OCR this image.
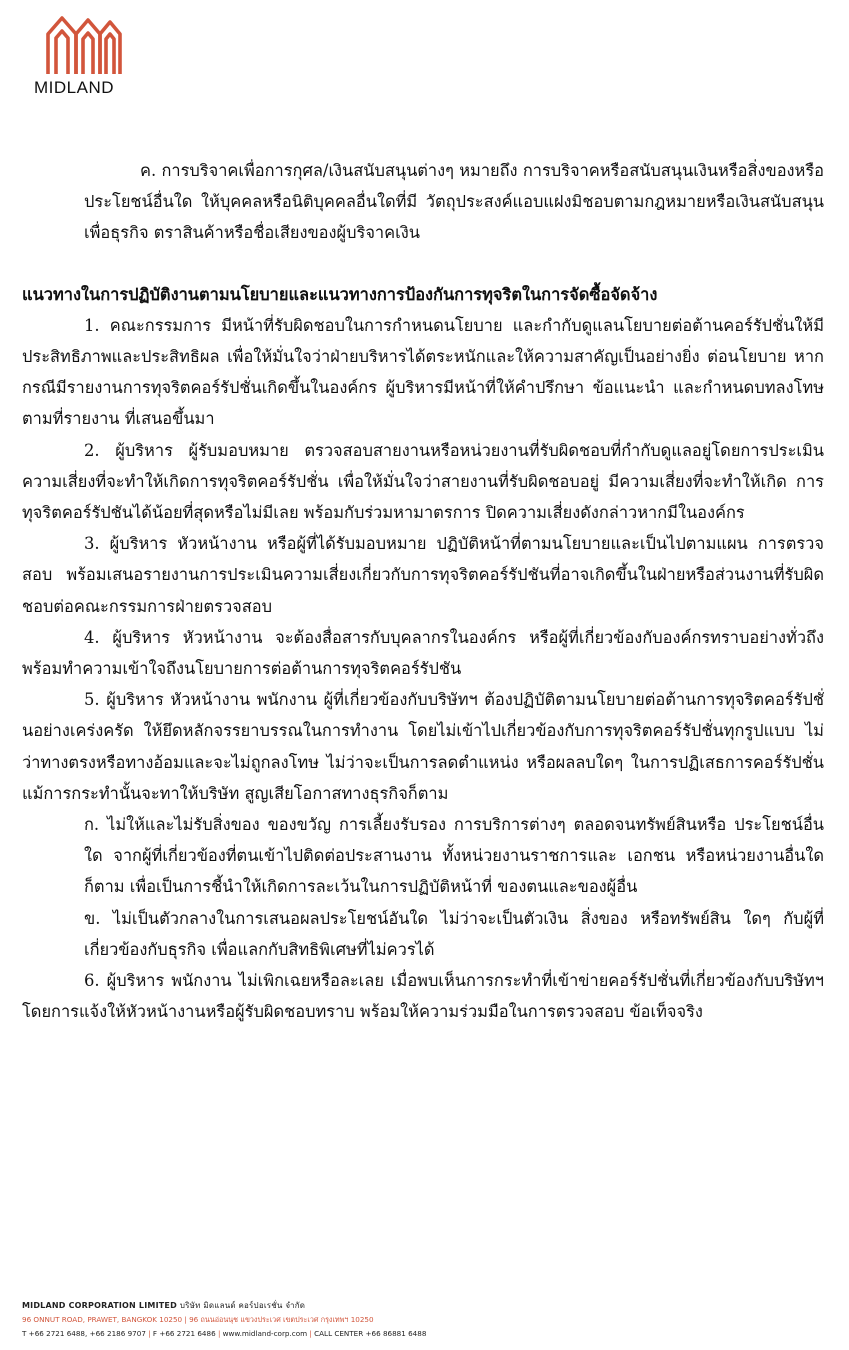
MIDLAND

ค. การบริจาคเพื่อการกุศล/เงินสนับสนุนต่างๆ หมายถึง การบริจาคหรือสนับสนุนเงินหรือสิ่งของหรือประโยชน์อื่นใด ให้บุคคลหรือนิติบุคคลอื่นใดที่มี วัตถุประสงค์แอบแฝงมิชอบตามกฎหมายหรือเงินสนับสนุนเพื่อธุรกิจ ตราสินค้าหรือชื่อเสียงของผู้บริจาคเงิน

แนวทางในการปฏิบัติงานตามนโยบายและแนวทางการป้องกันการทุจริตในการจัดซื้อจัดจ้าง

1. คณะกรรมการ มีหน้าที่รับผิดชอบในการกำหนดนโยบาย และกำกับดูแลนโยบายต่อต้านคอร์รัปชั่นให้มีประสิทธิภาพและประสิทธิผล เพื่อให้มั่นใจว่าฝ่ายบริหารได้ตระหนักและให้ความสาคัญเป็นอย่างยิ่ง ต่อนโยบาย หากกรณีมีรายงานการทุจริตคอร์รัปชั่นเกิดขึ้นในองค์กร ผู้บริหารมีหน้าที่ให้คำปรึกษา ข้อแนะนำ และกำหนดบทลงโทษตามที่รายงาน ที่เสนอขึ้นมา

2. ผู้บริหาร ผู้รับมอบหมาย ตรวจสอบสายงานหรือหน่วยงานที่รับผิดชอบที่กำกับดูแลอยู่โดยการประเมินความเสี่ยงที่จะทำให้เกิดการทุจริตคอร์รัปชั่น เพื่อให้มั่นใจว่าสายงานที่รับผิดชอบอยู่ มีความเสี่ยงที่จะทำให้เกิด การทุจริตคอร์รัปชันได้น้อยที่สุดหรือไม่มีเลย พร้อมกับร่วมหามาตรการ ปิดความเสี่ยงดังกล่าวหากมีในองค์กร

3. ผู้บริหาร หัวหน้างาน หรือผู้ที่ได้รับมอบหมาย ปฏิบัติหน้าที่ตามนโยบายและเป็นไปตามแผน การตรวจสอบ พร้อมเสนอรายงานการประเมินความเสี่ยงเกี่ยวกับการทุจริตคอร์รัปชันที่อาจเกิดขึ้นในฝ่ายหรือส่วนงานที่รับผิดชอบต่อคณะกรรมการฝ่ายตรวจสอบ

4. ผู้บริหาร หัวหน้างาน จะต้องสื่อสารกับบุคลากรในองค์กร หรือผู้ที่เกี่ยวข้องกับองค์กรทราบอย่างทั่วถึง พร้อมทำความเข้าใจถึงนโยบายการต่อต้านการทุจริตคอร์รัปชัน

5. ผู้บริหาร หัวหน้างาน พนักงาน ผู้ที่เกี่ยวข้องกับบริษัทฯ ต้องปฏิบัติตามนโยบายต่อต้านการทุจริตคอร์รัปชั่นอย่างเคร่งครัด ให้ยึดหลักจรรยาบรรณในการทำงาน โดยไม่เข้าไปเกี่ยวข้องกับการทุจริตคอร์รัปชั่นทุกรูปแบบ ไม่ว่าทางตรงหรือทางอ้อมและจะไม่ถูกลงโทษ ไม่ว่าจะเป็นการลดตำแหน่ง หรือผลลบใดๆ ในการปฏิเสธการคอร์รัปชั่น แม้การกระทำนั้นจะทาให้บริษัท สูญเสียโอกาสทางธุรกิจก็ตาม

ก. ไม่ให้และไม่รับสิ่งของ ของขวัญ การเลี้ยงรับรอง การบริการต่างๆ ตลอดจนทรัพย์สินหรือ ประโยชน์อื่นใด จากผู้ที่เกี่ยวข้องที่ตนเข้าไปติดต่อประสานงาน ทั้งหน่วยงานราชการและ เอกชน หรือหน่วยงานอื่นใดก็ตาม เพื่อเป็นการชี้นำให้เกิดการละเว้นในการปฏิบัติหน้าที่ ของตนและของผู้อื่น

ข. ไม่เป็นตัวกลางในการเสนอผลประโยชน์อันใด ไม่ว่าจะเป็นตัวเงิน สิ่งของ หรือทรัพย์สิน ใดๆ กับผู้ที่เกี่ยวข้องกับธุรกิจ เพื่อแลกกับสิทธิพิเศษที่ไม่ควรได้

6. ผู้บริหาร พนักงาน ไม่เพิกเฉยหรือละเลย เมื่อพบเห็นการกระทำที่เข้าข่ายคอร์รัปชั่นที่เกี่ยวข้องกับบริษัทฯ โดยการแจ้งให้หัวหน้างานหรือผู้รับผิดชอบทราบ พร้อมให้ความร่วมมือในการตรวจสอบ ข้อเท็จจริง

MIDLAND CORPORATION LIMITED บริษัท มิดแลนด์ คอร์ปอเรชั่น จำกัด
96 ONNUT ROAD, PRAWET, BANGKOK 10250 | 96 ถนนอ่อนนุช แขวงประเวศ เขตประเวศ กรุงเทพฯ 10250
T +66 2721 6488, +66 2186 9707 | F +66 2721 6486 | www.midland-corp.com | CALL CENTER +66 86881 6488
